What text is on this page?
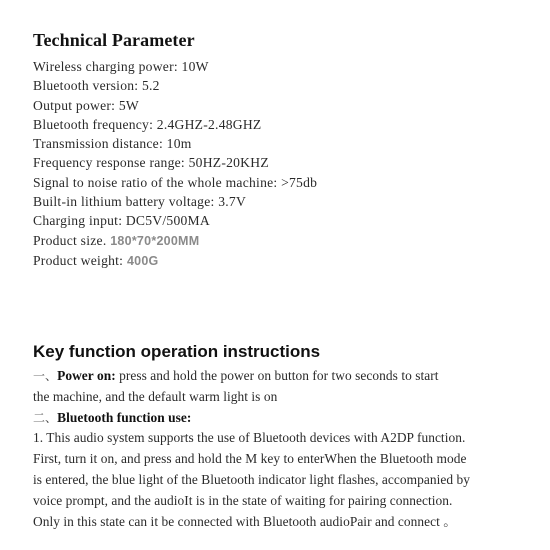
Technical Parameter
Wireless charging power: 10W
Bluetooth version: 5.2
Output power: 5W
Bluetooth frequency: 2.4GHZ-2.48GHZ
Transmission distance: 10m
Frequency response range: 50HZ-20KHZ
Signal to noise ratio of the whole machine: >75db
Built-in lithium battery voltage: 3.7V
Charging input: DC5V/500MA
Product size. 180*70*200MM
Product weight: 400G
Key function operation instructions
一、Power on: press and hold the power on button for two seconds to start
the machine, and the default warm light is on
二、Bluetooth function use:
1. This audio system supports the use of Bluetooth devices with A2DP function.
First, turn it on, and press and hold the M key to enterWhen the Bluetooth mode
is entered, the blue light of the Bluetooth indicator light flashes, accompanied by
voice prompt, and the audioIt is in the state of waiting for pairing connection.
Only in this state can it be connected with Bluetooth audioPair and connect 。
